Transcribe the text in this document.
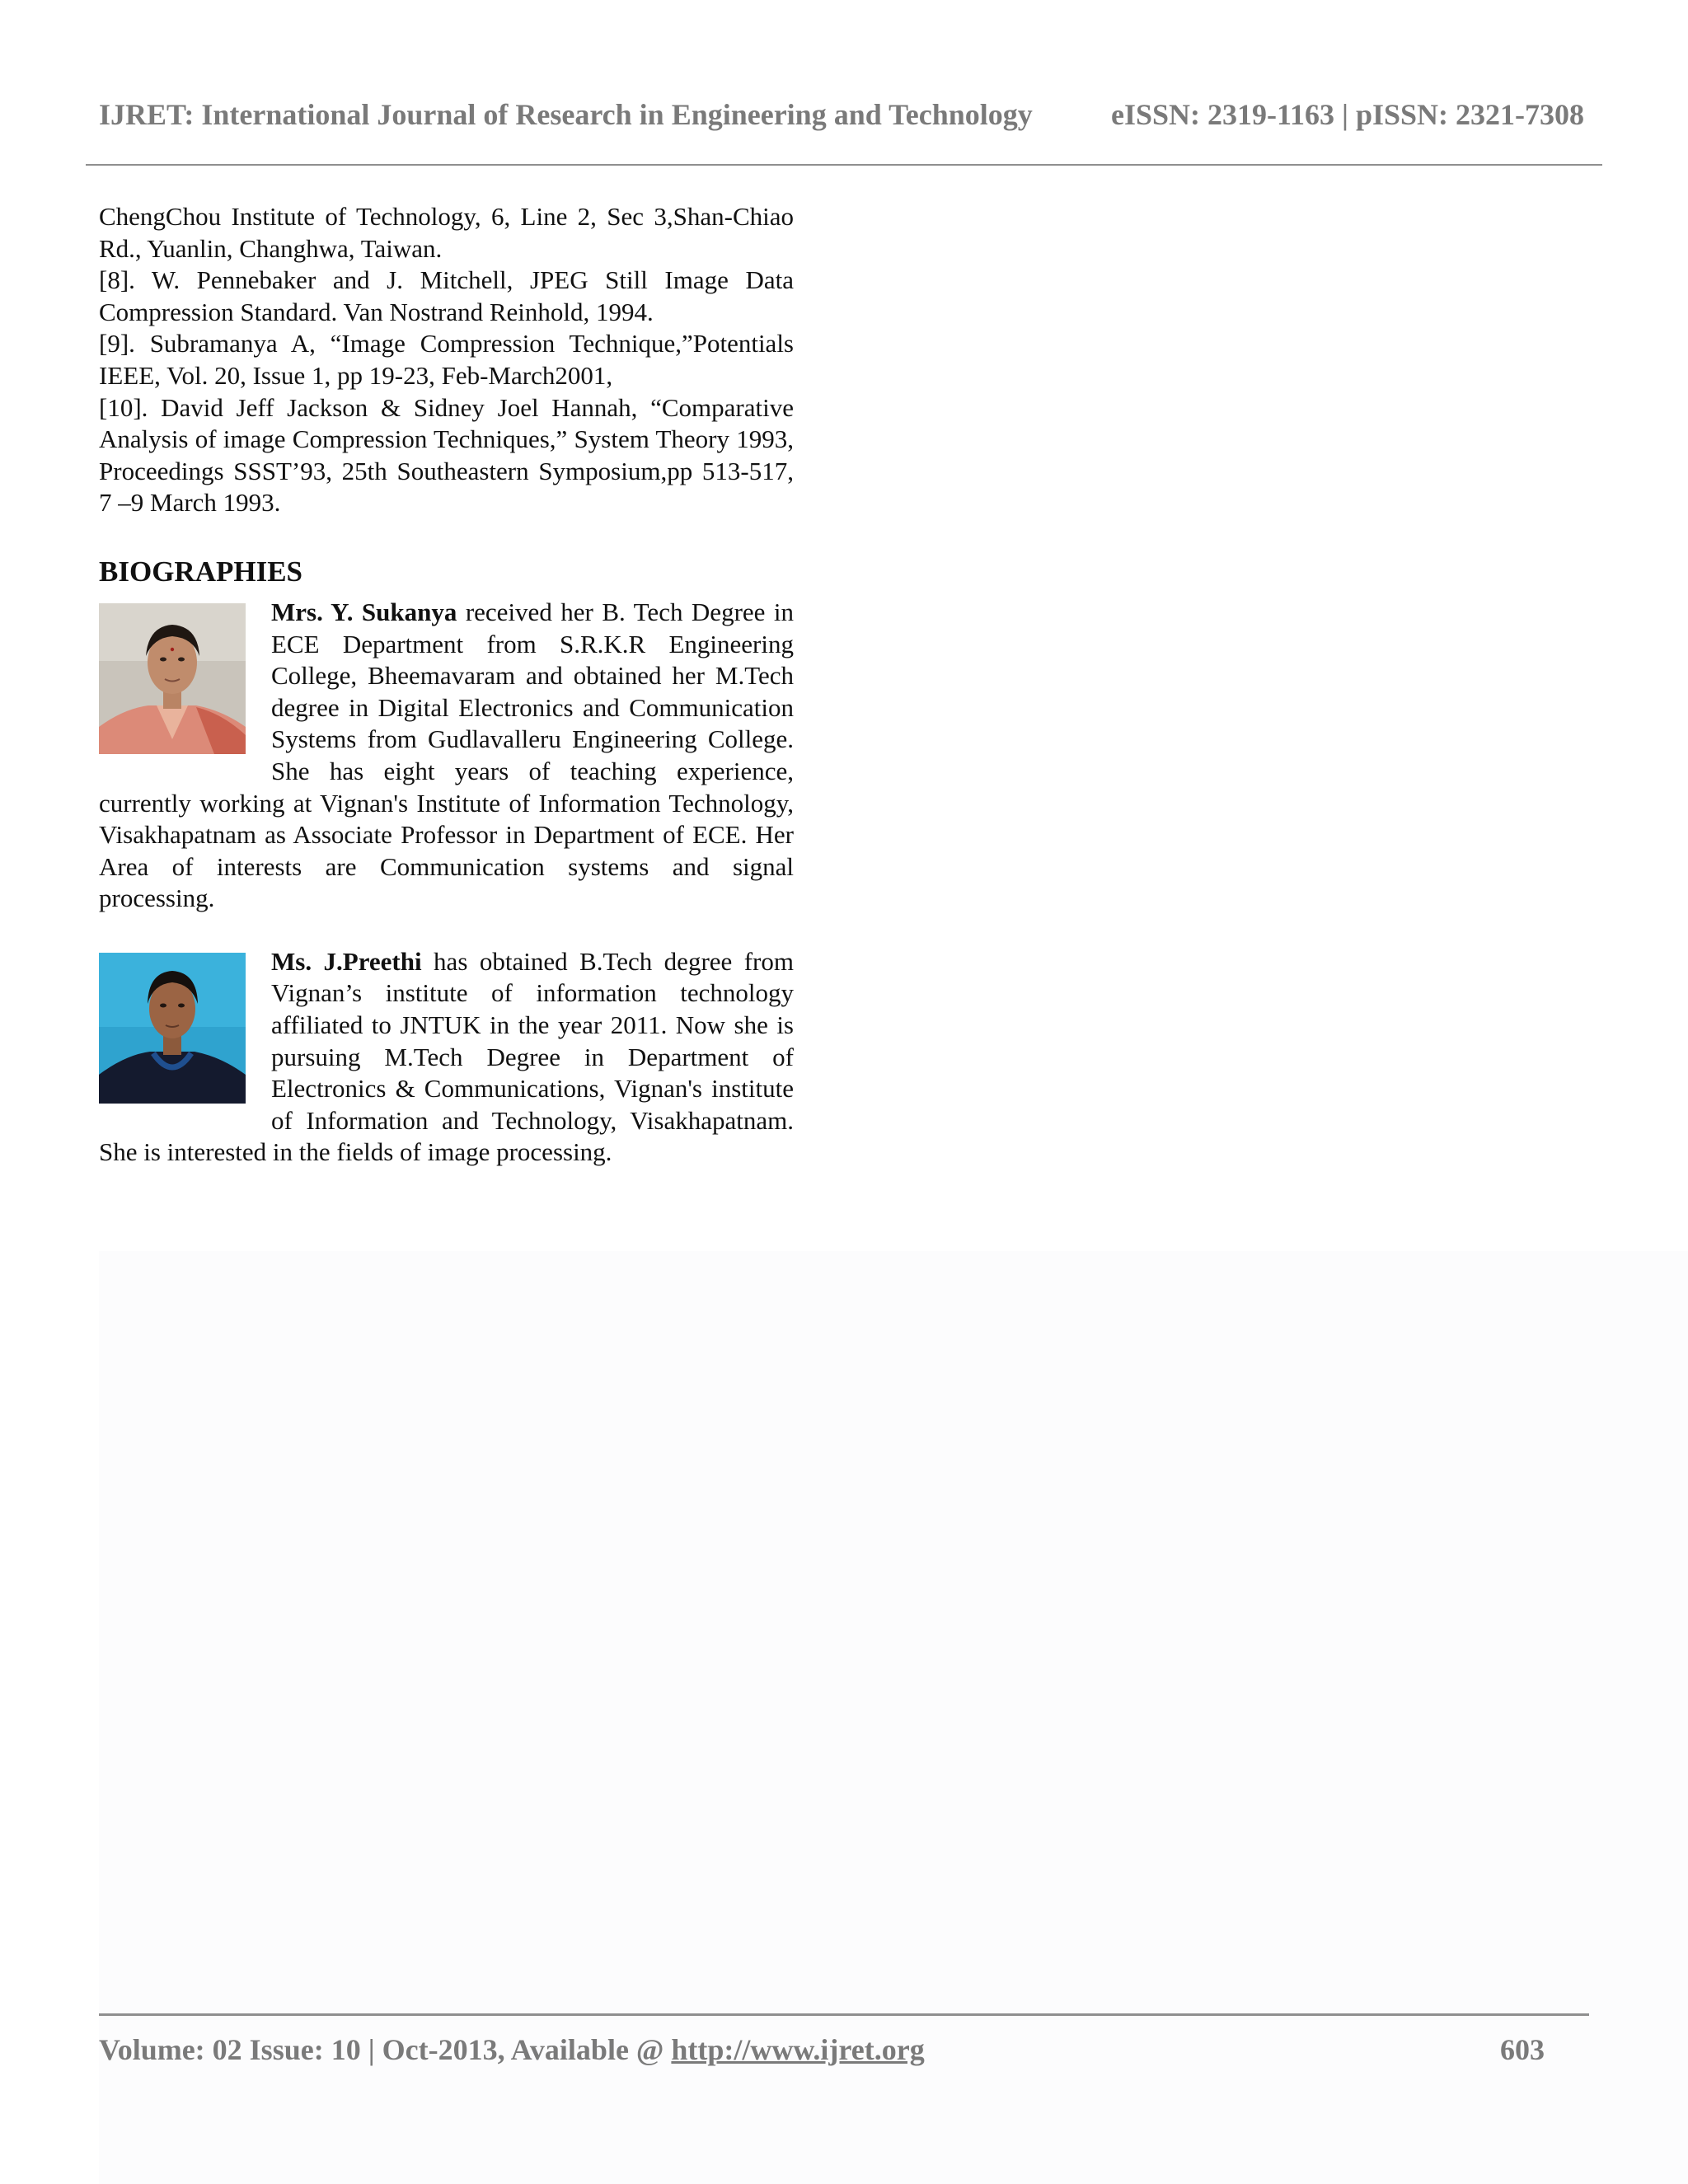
IJRET: International Journal of Research in Engineering and Technology	eISSN: 2319-1163 | pISSN: 2321-7308

ChengChou Institute of Technology, 6, Line 2, Sec 3,Shan-Chiao Rd., Yuanlin, Changhwa, Taiwan.

[8]. W. Pennebaker and J. Mitchell, JPEG Still Image Data Compression Standard. Van Nostrand Reinhold, 1994.

[9]. Subramanya A, “Image Compression Technique,”Potentials IEEE, Vol. 20, Issue 1, pp 19-23, Feb-March2001,

[10]. David Jeff Jackson & Sidney Joel Hannah, “Comparative Analysis of image Compression Techniques,” System Theory 1993, Proceedings SSST’93, 25th Southeastern Symposium,pp 513-517, 7 –9 March 1993.

BIOGRAPHIES
Mrs. Y. Sukanya received her B. Tech Degree in ECE Department from S.R.K.R Engineering College, Bheemavaram and obtained her M.Tech degree in Digital Electronics and Communication Systems from Gudlavalleru Engineering College. She has eight years of teaching experience, currently working at Vignan's Institute of Information Technology, Visakhapatnam as Associate Professor in Department of ECE. Her Area of interests are Communication systems and signal processing.
Ms. J.Preethi has obtained B.Tech degree from Vignan’s institute of information technology affiliated to JNTUK in the year 2011. Now she is pursuing M.Tech Degree in Department of Electronics & Communications, Vignan's institute of Information and Technology, Visakhapatnam. She is interested in the fields of image processing.
Volume: 02 Issue: 10 | Oct-2013, Available @ http://www.ijret.org	603
